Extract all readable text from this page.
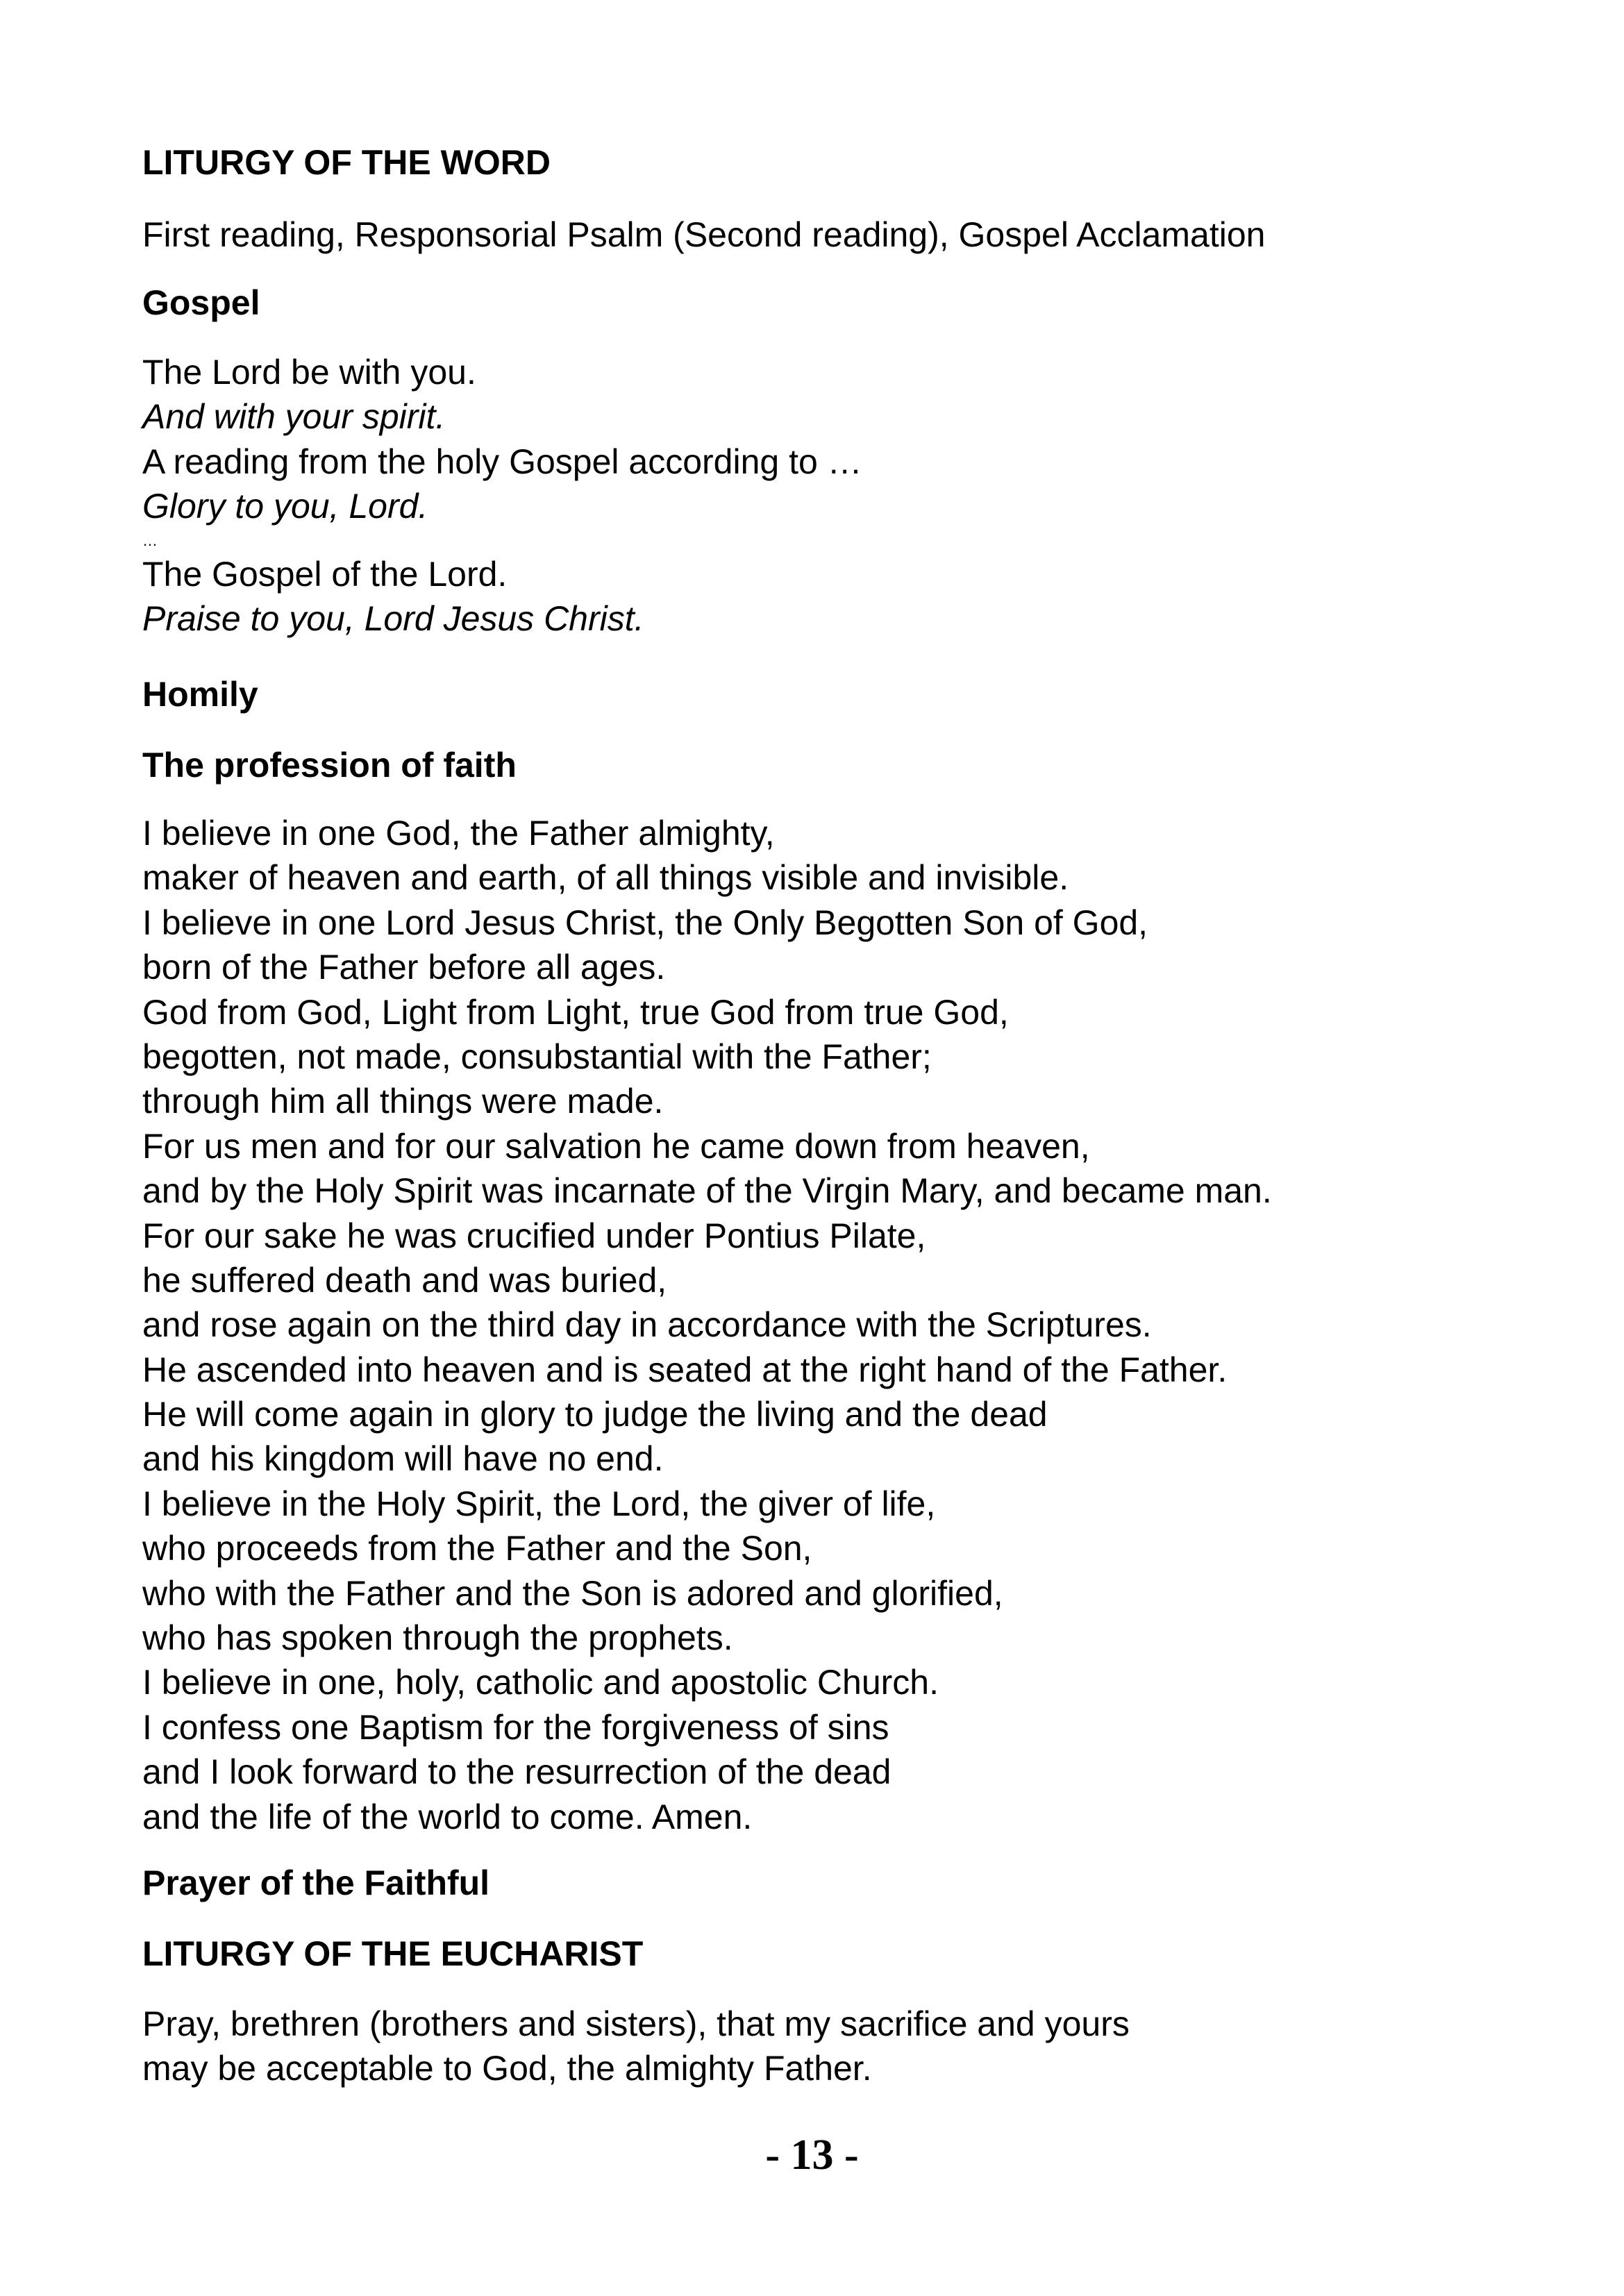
LITURGY OF THE WORD
First reading, Responsorial Psalm (Second reading), Gospel Acclamation
Gospel
The Lord be with you.
And with your spirit.
A reading from the holy Gospel according to …
Glory to you, Lord.
…
The Gospel of the Lord.
Praise to you, Lord Jesus Christ.
Homily
The profession of faith
I believe in one God, the Father almighty,
maker of heaven and earth, of all things visible and invisible.
I believe in one Lord Jesus Christ, the Only Begotten Son of God,
born of the Father before all ages.
God from God, Light from Light, true God from true God,
begotten, not made, consubstantial with the Father;
through him all things were made.
For us men and for our salvation he came down from heaven,
and by the Holy Spirit was incarnate of the Virgin Mary, and became man.
For our sake he was crucified under Pontius Pilate,
he suffered death and was buried,
and rose again on the third day in accordance with the Scriptures.
He ascended into heaven and is seated at the right hand of the Father.
He will come again in glory to judge the living and the dead
and his kingdom will have no end.
I believe in the Holy Spirit, the Lord, the giver of life,
who proceeds from the Father and the Son,
who with the Father and the Son is adored and glorified,
who has spoken through the prophets.
I believe in one, holy, catholic and apostolic Church.
I confess one Baptism for the forgiveness of sins
and I look forward to the resurrection of the dead
and the life of the world to come. Amen.
Prayer of the Faithful
LITURGY OF THE EUCHARIST
Pray, brethren (brothers and sisters), that my sacrifice and yours
may be acceptable to God, the almighty Father.
- 13 -
